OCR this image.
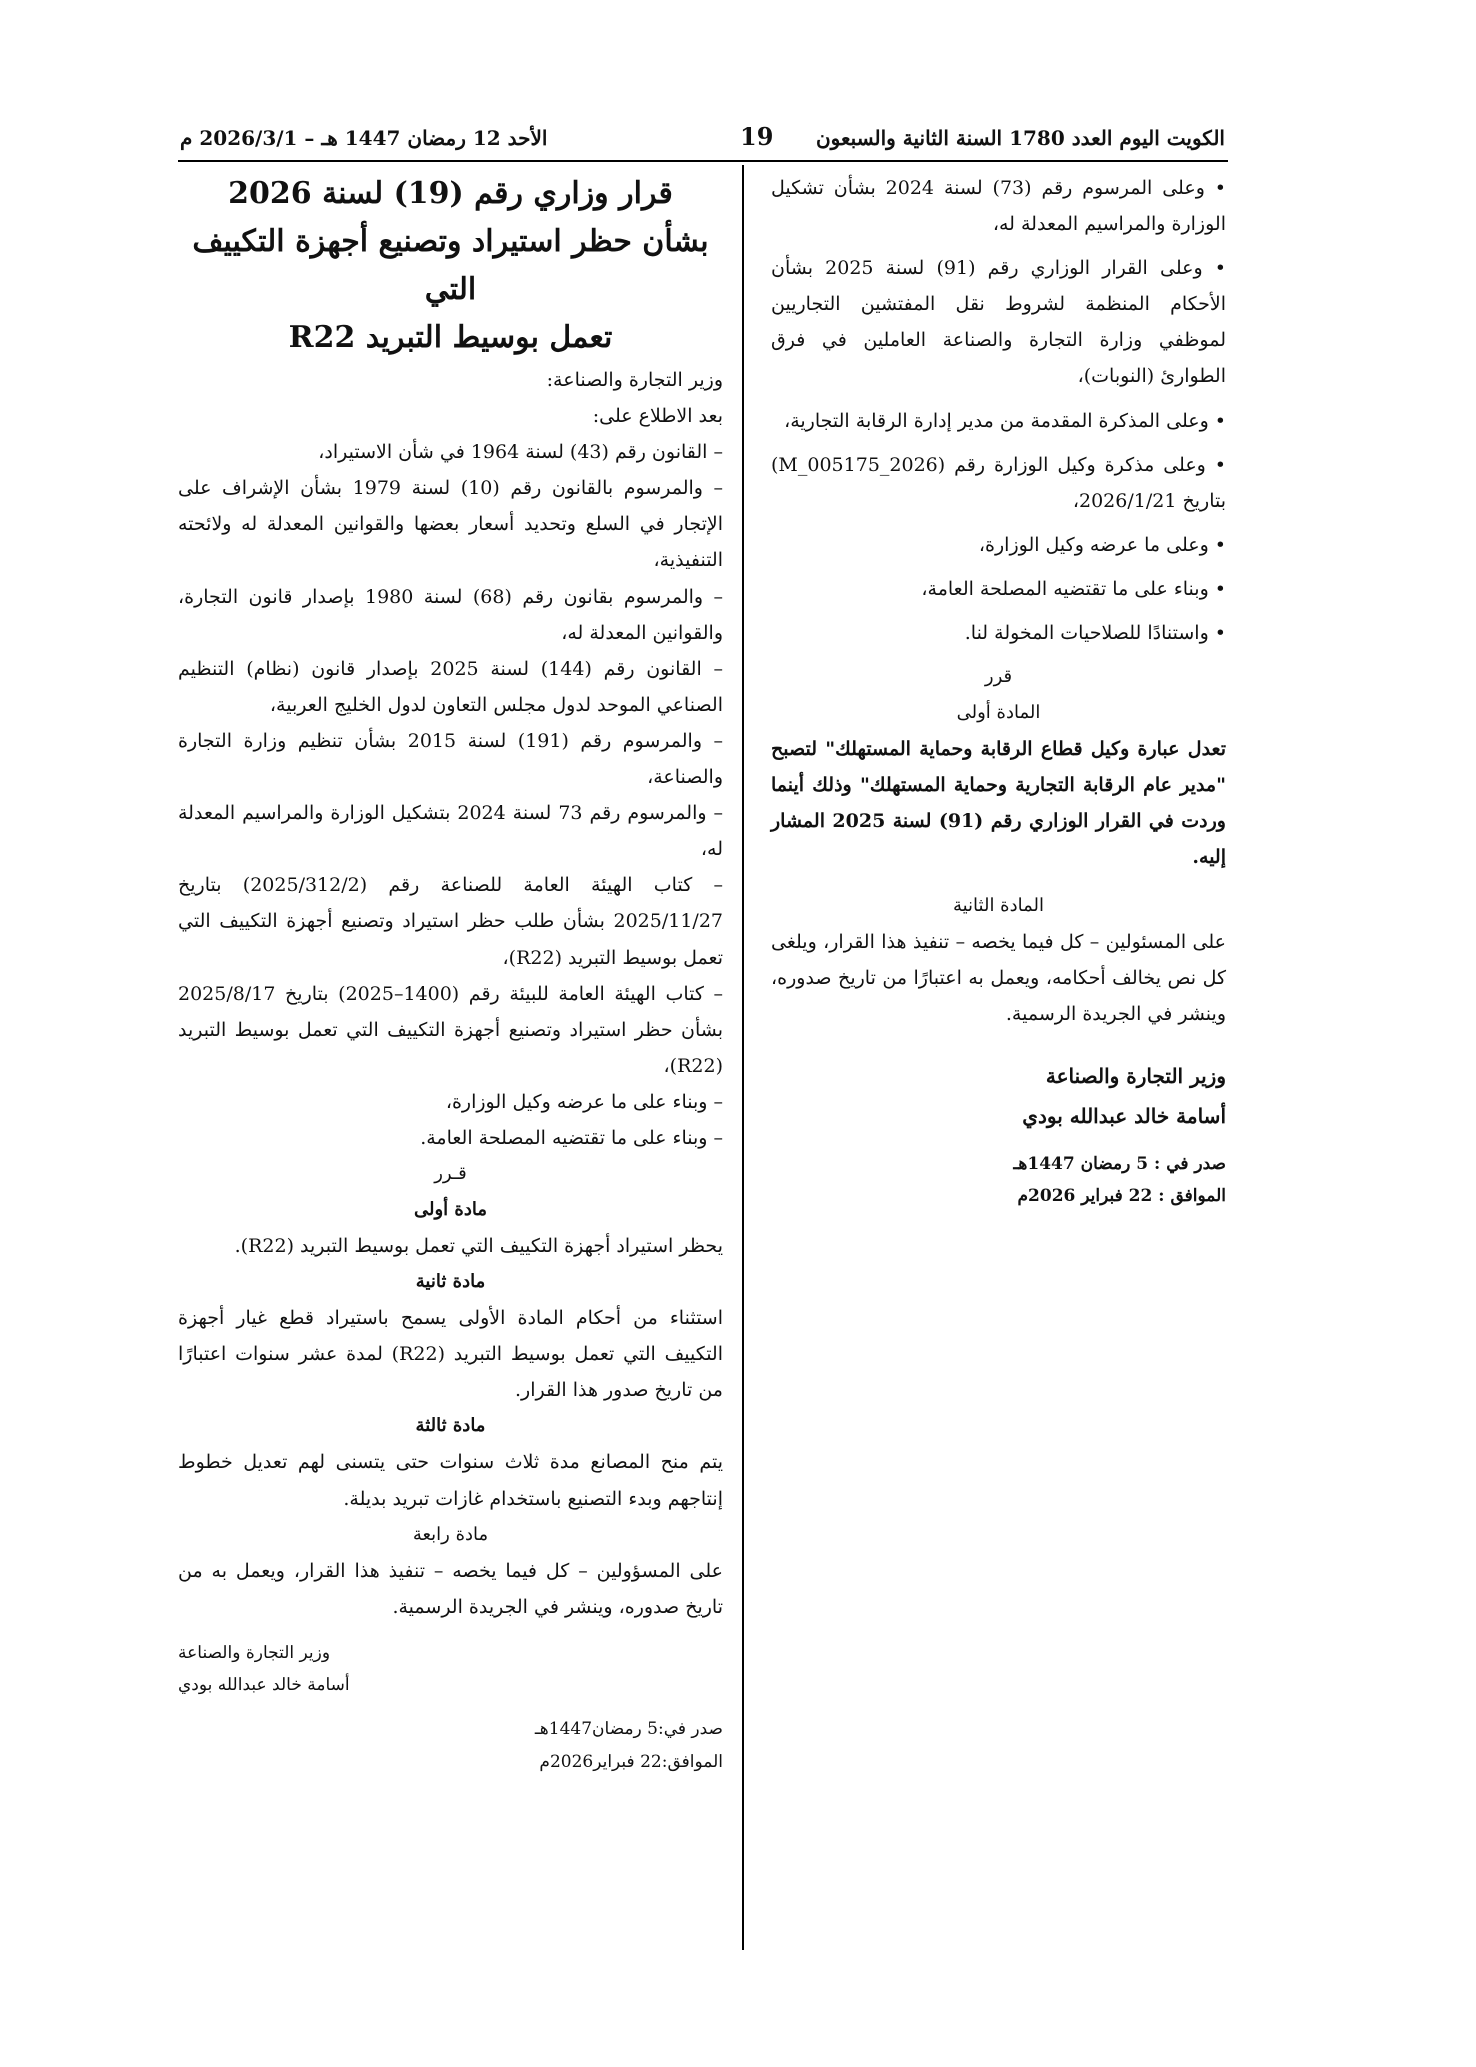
الكويت اليوم العدد 1780 السنة الثانية والسبعون
19
الأحد 12 رمضان 1447 هـ – 2026/3/1 م

• وعلى المرسوم رقم (73) لسنة 2024 بشأن تشكيل الوزارة والمراسيم المعدلة له،

• وعلى القرار الوزاري رقم (91) لسنة 2025 بشأن الأحكام المنظمة لشروط نقل المفتشين التجاريين لموظفي وزارة التجارة والصناعة العاملين في فرق الطوارئ (النوبات)،

• وعلى المذكرة المقدمة من مدير إدارة الرقابة التجارية،

• وعلى مذكرة وكيل الوزارة رقم (M_005175_2026) بتاريخ 2026/1/21،

• وعلى ما عرضه وكيل الوزارة،

• وبناء على ما تقتضيه المصلحة العامة،

• واستنادًا للصلاحيات المخولة لنا.

قرر

المادة أولى

تعدل عبارة وكيل قطاع الرقابة وحماية المستهلك" لتصبح "مدير عام الرقابة التجارية وحماية المستهلك" وذلك أينما وردت في القرار الوزاري رقم (91) لسنة 2025 المشار إليه.

المادة الثانية

على المسئولين – كل فيما يخصه – تنفيذ هذا القرار، ويلغى كل نص يخالف أحكامه، ويعمل به اعتبارًا من تاريخ صدوره، وينشر في الجريدة الرسمية.

وزير التجارة والصناعة

أسامة خالد عبدالله بودي

صدر في : 5 رمضان 1447هـ

الموافق : 22 فبراير 2026م

قرار وزاري رقم (19) لسنة 2026

بشأن حظر استيراد وتصنيع أجهزة التكييف التي

تعمل بوسيط التبريد R22

وزير التجارة والصناعة:

بعد الاطلاع على:

– القانون رقم (43) لسنة 1964 في شأن الاستيراد،

– والمرسوم بالقانون رقم (10) لسنة 1979 بشأن الإشراف على الإتجار في السلع وتحديد أسعار بعضها والقوانين المعدلة له ولائحته التنفيذية،

– والمرسوم بقانون رقم (68) لسنة 1980 بإصدار قانون التجارة، والقوانين المعدلة له،

– القانون رقم (144) لسنة 2025 بإصدار قانون (نظام) التنظيم الصناعي الموحد لدول مجلس التعاون لدول الخليج العربية،

– والمرسوم رقم (191) لسنة 2015 بشأن تنظيم وزارة التجارة والصناعة،

– والمرسوم رقم 73 لسنة 2024 بتشكيل الوزارة والمراسيم المعدلة له،

– كتاب الهيئة العامة للصناعة رقم (2025/312/2) بتاريخ 2025/11/27 بشأن طلب حظر استيراد وتصنيع أجهزة التكييف التي تعمل بوسيط التبريد (R22)،

– كتاب الهيئة العامة للبيئة رقم (1400–2025) بتاريخ 2025/8/17 بشأن حظر استيراد وتصنيع أجهزة التكييف التي تعمل بوسيط التبريد (R22)،

– وبناء على ما عرضه وكيل الوزارة،

– وبناء على ما تقتضيه المصلحة العامة.

قـرر

مادة أولى

يحظر استيراد أجهزة التكييف التي تعمل بوسيط التبريد (R22).

مادة ثانية

استثناء من أحكام المادة الأولى يسمح باستيراد قطع غيار أجهزة التكييف التي تعمل بوسيط التبريد (R22) لمدة عشر سنوات اعتبارًا من تاريخ صدور هذا القرار.

مادة ثالثة

يتم منح المصانع مدة ثلاث سنوات حتى يتسنى لهم تعديل خطوط إنتاجهم وبدء التصنيع باستخدام غازات تبريد بديلة.

مادة رابعة

على المسؤولين – كل فيما يخصه – تنفيذ هذا القرار، ويعمل به من تاريخ صدوره، وينشر في الجريدة الرسمية.

وزير التجارة والصناعة

أسامة خالد عبدالله بودي

صدر في:5 رمضان1447هـ

الموافق:22 فبراير2026م
